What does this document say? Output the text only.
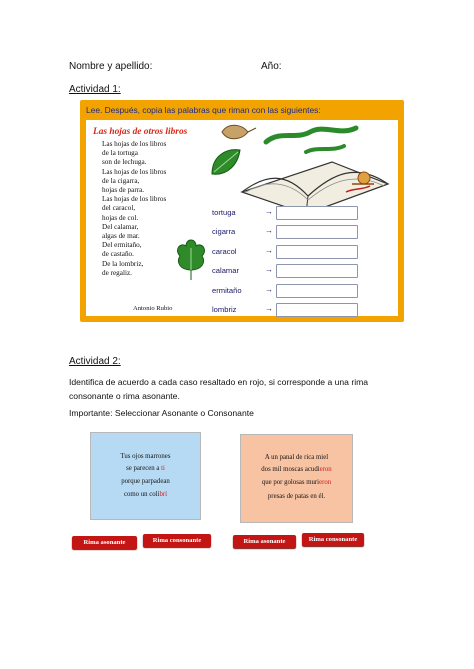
Nombre y apellido:	Año:
Actividad 1:
Lee. Después, copia las palabras que riman con las siguientes:
Las hojas de otros libros
Las hojas de los libros
de la tortuga
son de lechuga.
Las hojas de los libros
de la cigarra,
hojas de parra.
Las hojas de los libros
del caracol,
hojas de col.
Del calamar,
algas de mar.
Del ermitaño,
de castaño.
De la lombriz,
de regaliz.
Antonio Rubio
tortuga	→
cigarra	→
caracol	→
calamar	→
ermitaño	→
lombriz	→
Actividad 2:
Identifica de acuerdo a cada caso resaltado en rojo, si corresponde a una rima consonante o rima asonante.
Importante: Seleccionar Asonante o Consonante
Tus ojos marrones
se parecen a ti
porque parpadean
como un colibrí
A un panal de rica miel
dos mil moscas acudieron
que por golosas murieron
presas de patas en él.
Rima asonante	Rima consonante	Rima asonante	Rima consonante
